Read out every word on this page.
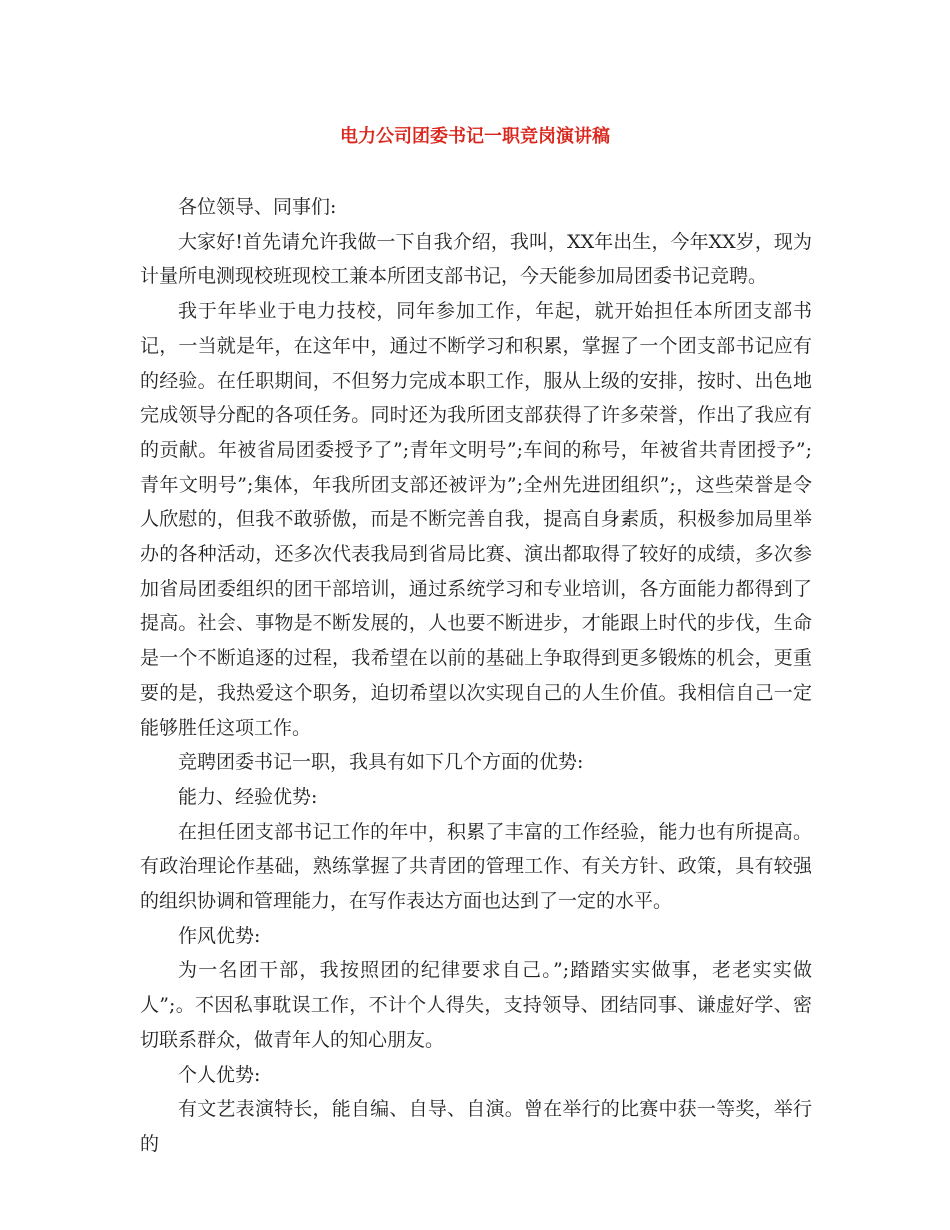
电力公司团委书记一职竞岗演讲稿

各位领导、同事们:

大家好!首先请允许我做一下自我介绍，我叫，XX年出生，今年XX岁，现为计量所电测现校班现校工兼本所团支部书记，今天能参加局团委书记竞聘。

我于年毕业于电力技校，同年参加工作，年起，就开始担任本所团支部书记，一当就是年，在这年中，通过不断学习和积累，掌握了一个团支部书记应有的经验。在任职期间，不但努力完成本职工作，服从上级的安排，按时、出色地完成领导分配的各项任务。同时还为我所团支部获得了许多荣誉，作出了我应有的贡献。年被省局团委授予了”;青年文明号”;车间的称号，年被省共青团授予”;青年文明号”;集体，年我所团支部还被评为”;全州先进团组织”;，这些荣誉是令人欣慰的，但我不敢骄傲，而是不断完善自我，提高自身素质，积极参加局里举办的各种活动，还多次代表我局到省局比赛、演出都取得了较好的成绩，多次参加省局团委组织的团干部培训，通过系统学习和专业培训，各方面能力都得到了提高。社会、事物是不断发展的，人也要不断进步，才能跟上时代的步伐，生命是一个不断追逐的过程，我希望在以前的基础上争取得到更多锻炼的机会，更重要的是，我热爱这个职务，迫切希望以次实现自己的人生价值。我相信自己一定能够胜任这项工作。

竞聘团委书记一职，我具有如下几个方面的优势:

能力、经验优势:

在担任团支部书记工作的年中，积累了丰富的工作经验，能力也有所提高。有政治理论作基础，熟练掌握了共青团的管理工作、有关方针、政策，具有较强的组织协调和管理能力，在写作表达方面也达到了一定的水平。

作风优势:

为一名团干部，我按照团的纪律要求自己。”;踏踏实实做事，老老实实做人”;。不因私事耽误工作，不计个人得失，支持领导、团结同事、谦虚好学、密切联系群众，做青年人的知心朋友。

个人优势:

有文艺表演特长，能自编、自导、自演。曾在举行的比赛中获一等奖，举行的
